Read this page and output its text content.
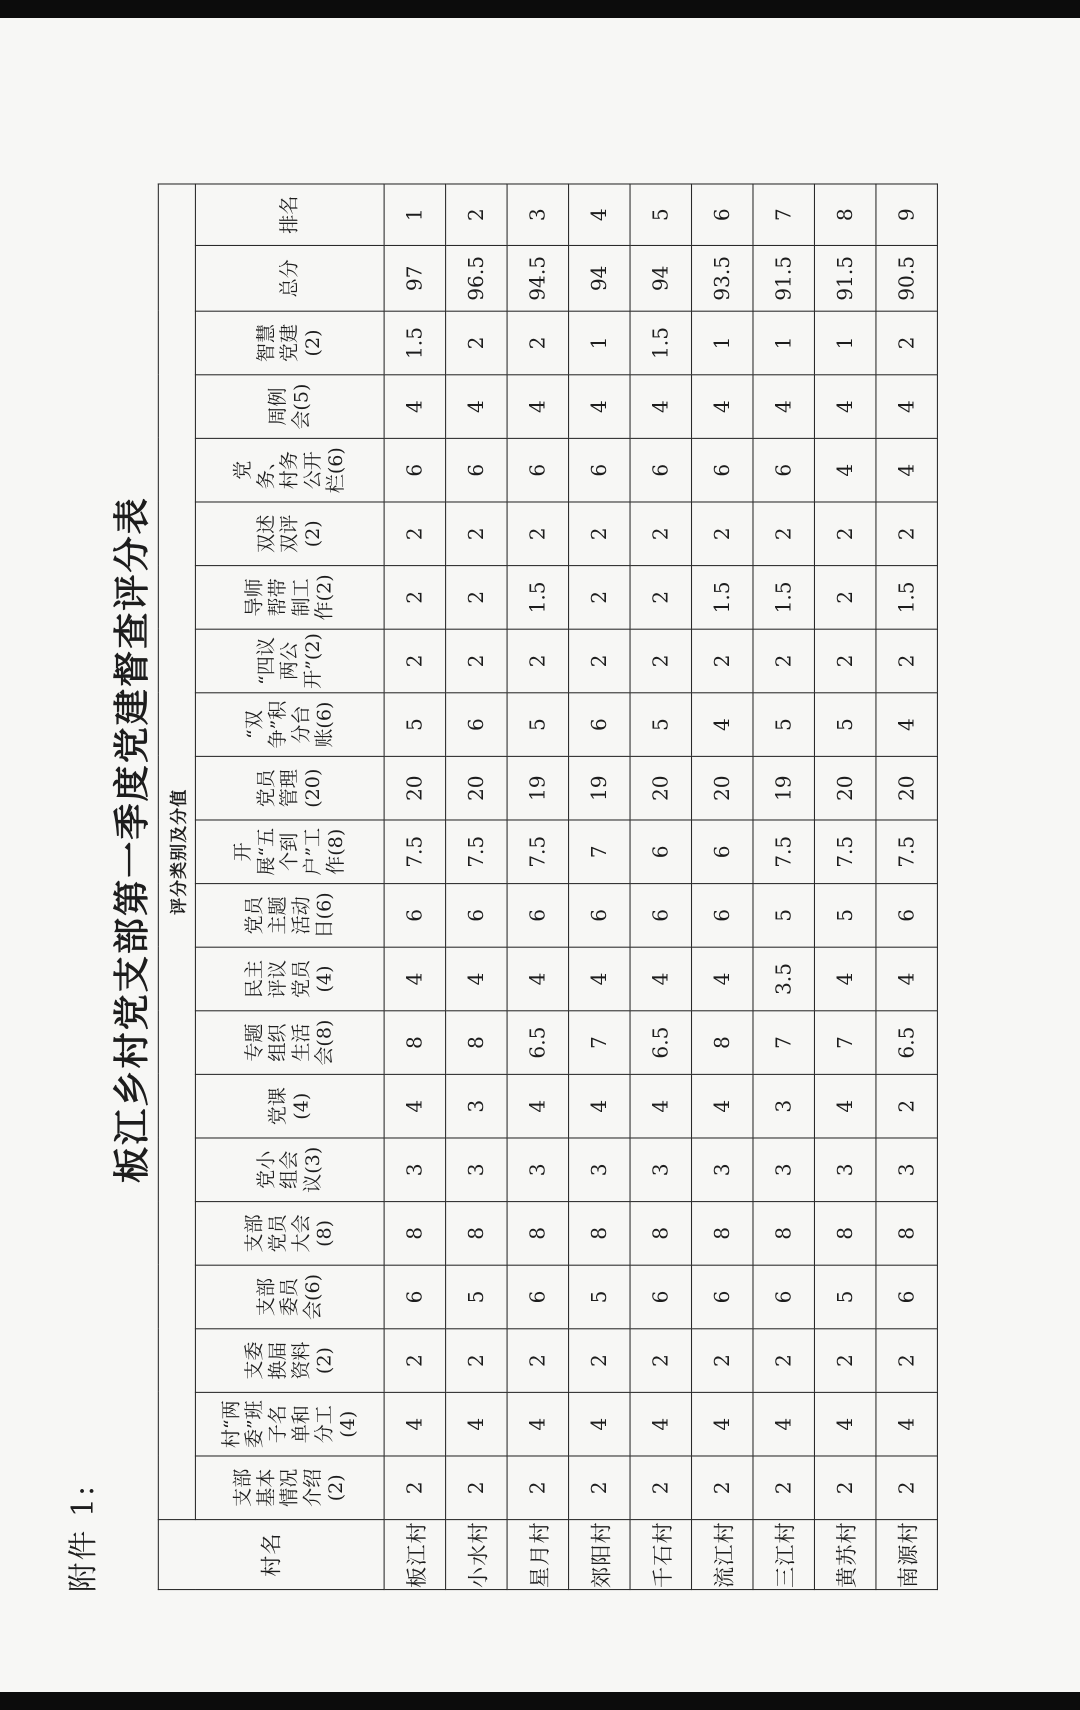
附件 1:
板江乡村党支部第一季度党建督查评分表
村名	评分类别及分值																				
	支部基本情况介绍(2)	村“两委”班子名单和分工(4)	支委换届资料(2)	支部委员会(6)	支部党员大会(8)	党小组会议(3)	党课(4)	专题组织生活会(8)	民主评议党员(4)	党员主题活动日(6)	开展“五个到户”工作(8)	党员管理(20)	“双争”积分台账(6)	“四议两公开”(2)	导师帮带制工作(2)	双述双评(2)	党务、村务公开栏(6)	周例会(5)	智慧党建(2)	总分	排名
板江村	2	4	2	6	8	3	4	8	4	6	7.5	20	5	2	2	2	6	4	1.5	97	1
小水村	2	4	2	5	8	3	3	8	4	6	7.5	20	6	2	2	2	6	4	2	96.5	2
星月村	2	4	2	6	8	3	4	6.5	4	6	7.5	19	5	2	1.5	2	6	4	2	94.5	3
郊阳村	2	4	2	5	8	3	4	7	4	6	7	19	6	2	2	2	6	4	1	94	4
千石村	2	4	2	6	8	3	4	6.5	4	6	6	20	5	2	2	2	6	4	1.5	94	5
流江村	2	4	2	6	8	3	4	8	4	6	6	20	4	2	1.5	2	6	4	1	93.5	6
三江村	2	4	2	6	8	3	3	7	3.5	5	7.5	19	5	2	1.5	2	6	4	1	91.5	7
黄苏村	2	4	2	5	8	3	4	7	4	5	7.5	20	5	2	2	2	4	4	1	91.5	8
南源村	2	4	2	6	8	3	2	6.5	4	6	7.5	20	4	2	1.5	2	4	4	2	90.5	9
